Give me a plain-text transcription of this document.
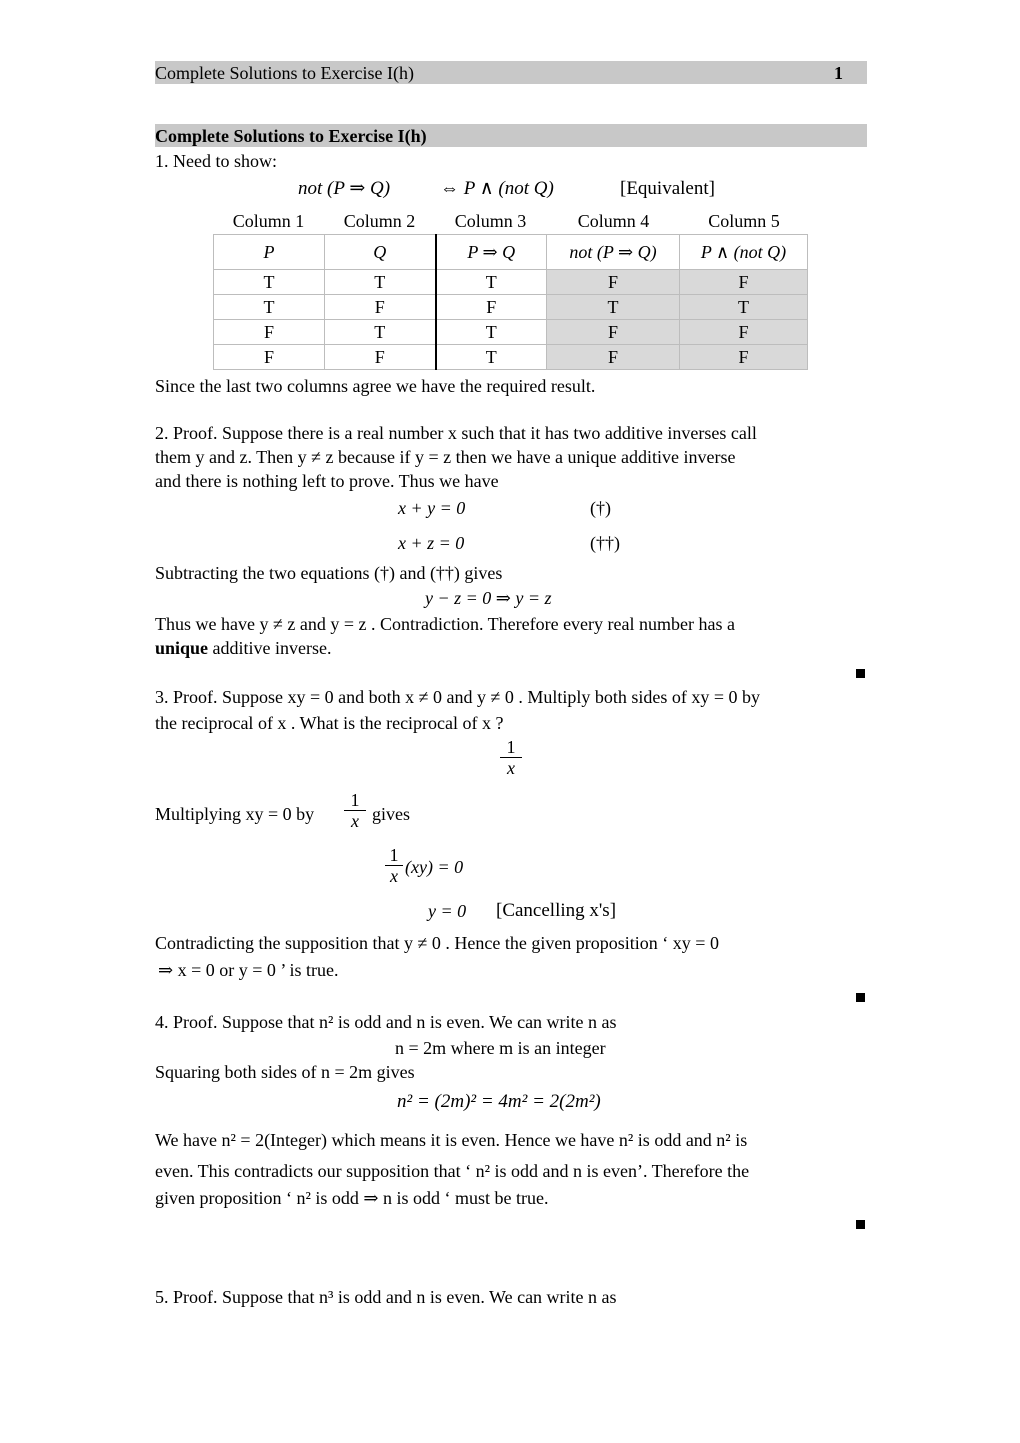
Complete Solutions to Exercise I(h)	1
Complete Solutions to Exercise I(h)
1. Need to show:
not (P ⇒ Q)	⇔ P ∧ (not Q)	[Equivalent]
Column 1	Column 2	Column 3	Column 4	Column 5
P	Q	P ⇒ Q	not (P ⇒ Q)	P ∧ (not Q)
T	T	T	F	F
T	F	F	T	T
F	T	T	F	F
F	F	T	F	F
Since the last two columns agree we have the required result.
2. Proof. Suppose there is a real number x such that it has two additive inverses call
them y and z. Then y ≠ z because if y = z then we have a unique additive inverse
and there is nothing left to prove. Thus we have
x + y = 0	(†)
x + z = 0	(††)
Subtracting the two equations (†) and (††) gives
y − z = 0 ⇒ y = z
Thus we have y ≠ z and y = z . Contradiction. Therefore every real number has a
unique additive inverse.
3. Proof. Suppose xy = 0 and both x ≠ 0 and y ≠ 0 . Multiply both sides of xy = 0 by
the reciprocal of x . What is the reciprocal of x ?
$\frac{1}{x}$
Multiplying xy = 0 by $\frac{1}{x}$ gives
$\frac{1}{x} (xy) = 0$
y = 0 [Cancelling x's]
Contradicting the supposition that y ≠ 0 . Hence the given proposition ‘ xy = 0
⇒ x = 0 or y = 0 ’ is true.
4. Proof. Suppose that n² is odd and n is even. We can write n as
n = 2m where m is an integer
Squaring both sides of n = 2m gives
n² = (2m)² = 4m² = 2(2m²)
We have n² = 2(Integer) which means it is even. Hence we have n² is odd and n² is
even. This contradicts our supposition that ‘ n² is odd and n is even’. Therefore the
given proposition ‘ n² is odd ⇒ n is odd ‘ must be true.
5. Proof. Suppose that n³ is odd and n is even. We can write n as
